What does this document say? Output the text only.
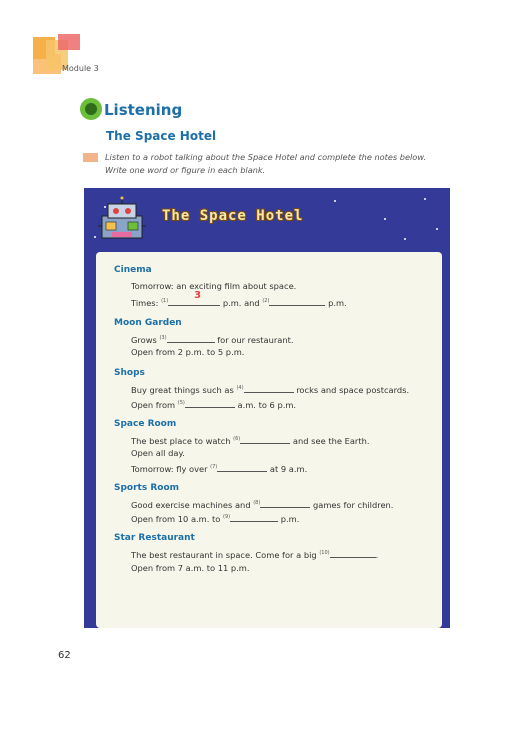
Module 3
Listening
The Space Hotel
Listen to a robot talking about the Space Hotel and complete the notes below.
Write one word or figure in each blank.
The Space Hotel
Cinema
Tomorrow: an exciting film about space.
Times: $^{(1)}$
3
p.m. and $^{(2)}$	p.m.
Moon Garden
Grows $^{(3)}$	for our restaurant.
Open from 2 p.m. to 5 p.m.
Shops
Buy great things such as $^{(4)}$	rocks and space postcards.
Open from $^{(5)}$	a.m. to 6 p.m.
Space Room
The best place to watch $^{(6)}$	and see the Earth.
Open all day.
Tomorrow: fly over $^{(7)}$	at 9 a.m.
Sports Room
Good exercise machines and $^{(8)}$	games for children.
Open from 10 a.m. to $^{(9)}$	p.m.
Star Restaurant
The best restaurant in space. Come for a big $^{(10)}$	.
Open from 7 a.m. to 11 p.m.
62
